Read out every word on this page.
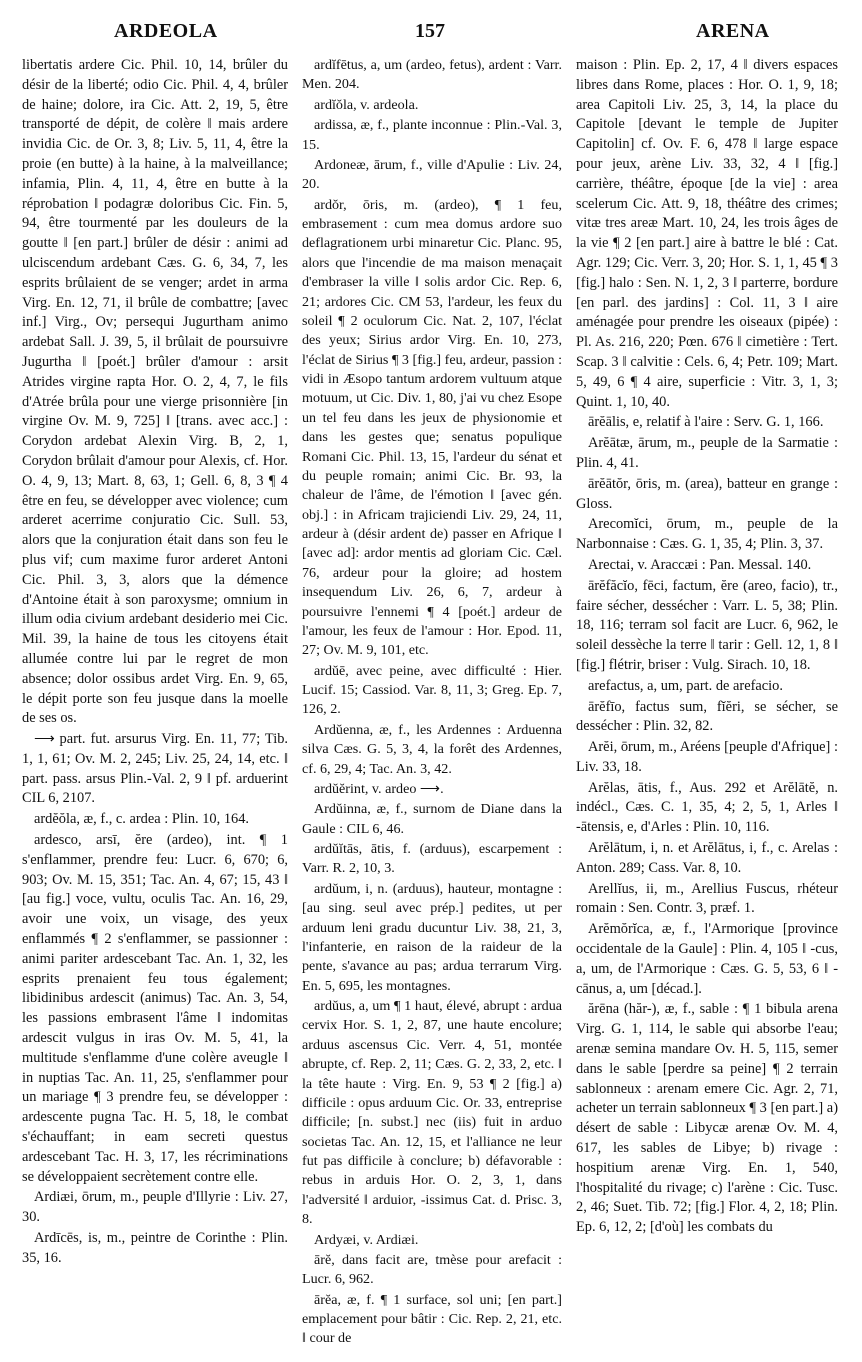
ARDEOLA	157	ARENA

libertatis ardere Cic. Phil. 10, 14, brûler du désir de la liberté; odio Cic. Phil. 4, 4, brûler de haine; dolore, ira Cic. Att. 2, 19, 5, être transporté de dépit, de colère ‖ mais ardere invidia Cic. de Or. 3, 8; Liv. 5, 11, 4, être la proie (en butte) à la haine, à la malveillance; infamia, Plin. 4, 11, 4, être en butte à la réprobation ‖ podagræ doloribus Cic. Fin. 5, 94, être tourmenté par les douleurs de la goutte ‖ [en part.] brûler de désir : animi ad ulciscendum ardebant Cæs. G. 6, 34, 7, les esprits brûlaient de se venger; ardet in arma Virg. En. 12, 71, il brûle de combattre; [avec inf.] Virg., Ov; persequi Jugurtham animo ardebat Sall. J. 39, 5, il brûlait de poursuivre Jugurtha ‖ [poét.] brûler d'amour : arsit Atrides virgine rapta Hor. O. 2, 4, 7, le fils d'Atrée brûla pour une vierge prisonnière [in virgine Ov. M. 9, 725] ‖ [trans. avec acc.] : Corydon ardebat Alexin Virg. B, 2, 1, Corydon brûlait d'amour pour Alexis, cf. Hor. O. 4, 9, 13; Mart. 8, 63, 1; Gell. 6, 8, 3 ¶ 4 être en feu, se développer avec violence; cum arderet acerrime conjuratio Cic. Sull. 53, alors que la conjuration était dans son feu le plus vif; cum maxime furor arderet Antoni Cic. Phil. 3, 3, alors que la démence d'Antoine était à son paroxysme; omnium in illum odia civium ardebant desiderio mei Cic. Mil. 39, la haine de tous les citoyens était allumée contre lui par le regret de mon absence; dolor ossibus ardet Virg. En. 9, 65, le dépit porte son feu jusque dans la moelle de ses os.

⟶ part. fut. arsurus Virg. En. 11, 77; Tib. 1, 1, 61; Ov. M. 2, 245; Liv. 25, 24, 14, etc. ‖ part. pass. arsus Plin.-Val. 2, 9 ‖ pf. arduerint CIL 6, 2107.

ardĕŏla, æ, f., c. ardea : Plin. 10, 164.

ardesco, arsī, ĕre (ardeo), int. ¶ 1 s'enflammer, prendre feu: Lucr. 6, 670; 6, 903; Ov. M. 15, 351; Tac. An. 4, 67; 15, 43 ‖ [au fig.] voce, vultu, oculis Tac. An. 16, 29, avoir une voix, un visage, des yeux enflammés ¶ 2 s'enflammer, se passionner : animi pariter ardescebant Tac. An. 1, 32, les esprits prenaient feu tous également; libidinibus ardescit (animus) Tac. An. 3, 54, les passions embrasent l'âme ‖ indomitas ardescit vulgus in iras Ov. M. 5, 41, la multitude s'enflamme d'une colère aveugle ‖ in nuptias Tac. An. 11, 25, s'enflammer pour un mariage ¶ 3 prendre feu, se développer : ardescente pugna Tac. H. 5, 18, le combat s'échauffant; in eam secreti questus ardescebant Tac. H. 3, 17, les récriminations se développaient secrètement contre elle.

Ardiæi, ōrum, m., peuple d'Illyrie : Liv. 27, 30.

Ardīcēs, is, m., peintre de Corinthe : Plin. 35, 16.

ardĭfētus, a, um (ardeo, fetus), ardent : Varr. Men. 204.

ardĭŏla, v. ardeola.

ardissa, æ, f., plante inconnue : Plin.-Val. 3, 15.

Ardoneæ, ārum, f., ville d'Apulie : Liv. 24, 20.

ardŏr, ōris, m. (ardeo), ¶ 1 feu, embrasement : cum mea domus ardore suo deflagrationem urbi minaretur Cic. Planc. 95, alors que l'incendie de ma maison menaçait d'embraser la ville ‖ solis ardor Cic. Rep. 6, 21; ardores Cic. CM 53, l'ardeur, les feux du soleil ¶ 2 oculorum Cic. Nat. 2, 107, l'éclat des yeux; Sirius ardor Virg. En. 10, 273, l'éclat de Sirius ¶ 3 [fig.] feu, ardeur, passion : vidi in Æsopo tantum ardorem vultuum atque motuum, ut Cic. Div. 1, 80, j'ai vu chez Esope un tel feu dans les jeux de physionomie et dans les gestes que; senatus populique Romani Cic. Phil. 13, 15, l'ardeur du sénat et du peuple romain; animi Cic. Br. 93, la chaleur de l'âme, de l'émotion ‖ [avec gén. obj.] : in Africam trajiciendi Liv. 29, 24, 11, ardeur à (désir ardent de) passer en Afrique ‖ [avec ad]: ardor mentis ad gloriam Cic. Cæl. 76, ardeur pour la gloire; ad hostem insequendum Liv. 26, 6, 7, ardeur à poursuivre l'ennemi ¶ 4 [poét.] ardeur de l'amour, les feux de l'amour : Hor. Epod. 11, 27; Ov. M. 9, 101, etc.

ardŭē, avec peine, avec difficulté : Hier. Lucif. 15; Cassiod. Var. 8, 11, 3; Greg. Ep. 7, 126, 2.

Ardŭenna, æ, f., les Ardennes : Arduenna silva Cæs. G. 5, 3, 4, la forêt des Ardennes, cf. 6, 29, 4; Tac. An. 3, 42.

ardŭĕrint, v. ardeo ⟶.

Ardŭinna, æ, f., surnom de Diane dans la Gaule : CIL 6, 46.

ardŭĭtās, ātis, f. (arduus), escarpement : Varr. R. 2, 10, 3.

ardŭum, i, n. (arduus), hauteur, montagne : [au sing. seul avec prép.] pedites, ut per arduum leni gradu ducuntur Liv. 38, 21, 3, l'infanterie, en raison de la raideur de la pente, s'avance au pas; ardua terrarum Virg. En. 5, 695, les montagnes.

ardŭus, a, um ¶ 1 haut, élevé, abrupt : ardua cervix Hor. S. 1, 2, 87, une haute encolure; arduus ascensus Cic. Verr. 4, 51, montée abrupte, cf. Rep. 2, 11; Cæs. G. 2, 33, 2, etc. ‖ la tête haute : Virg. En. 9, 53 ¶ 2 [fig.] a) difficile : opus arduum Cic. Or. 33, entreprise difficile; [n. subst.] nec (iis) fuit in arduo societas Tac. An. 12, 15, et l'alliance ne leur fut pas difficile à conclure; b) défavorable : rebus in arduis Hor. O. 2, 3, 1, dans l'adversité ‖ arduior, -issimus Cat. d. Prisc. 3, 8.

Ardyæi, v. Ardiæi.

ārĕ, dans facit are, tmèse pour arefacit : Lucr. 6, 962.

ārĕa, æ, f. ¶ 1 surface, sol uni; [en part.] emplacement pour bâtir : Cic. Rep. 2, 21, etc. ‖ cour de

maison : Plin. Ep. 2, 17, 4 ‖ divers espaces libres dans Rome, places : Hor. O. 1, 9, 18; area Capitoli Liv. 25, 3, 14, la place du Capitole [devant le temple de Jupiter Capitolin] cf. Ov. F. 6, 478 ‖ large espace pour jeux, arène Liv. 33, 32, 4 ‖ [fig.] carrière, théâtre, époque [de la vie] : area scelerum Cic. Att. 9, 18, théâtre des crimes; vitæ tres areæ Mart. 10, 24, les trois âges de la vie ¶ 2 [en part.] aire à battre le blé : Cat. Agr. 129; Cic. Verr. 3, 20; Hor. S. 1, 1, 45 ¶ 3 [fig.] halo : Sen. N. 1, 2, 3 ‖ parterre, bordure [en parl. des jardins] : Col. 11, 3 ‖ aire aménagée pour prendre les oiseaux (pipée) : Pl. As. 216, 220; Pœn. 676 ‖ cimetière : Tert. Scap. 3 ‖ calvitie : Cels. 6, 4; Petr. 109; Mart. 5, 49, 6 ¶ 4 aire, superficie : Vitr. 3, 1, 3; Quint. 1, 10, 40.

ārĕālis, e, relatif à l'aire : Serv. G. 1, 166.

Arĕātæ, ārum, m., peuple de la Sarmatie : Plin. 4, 41.

ārĕātŏr, ōris, m. (area), batteur en grange : Gloss.

Arecomĭci, ōrum, m., peuple de la Narbonnaise : Cæs. G. 1, 35, 4; Plin. 3, 37.

Arectai, v. Araccæi : Pan. Messal. 140.

ārĕfăcĭo, fēci, factum, ĕre (areo, facio), tr., faire sécher, dessécher : Varr. L. 5, 38; Plin. 18, 116; terram sol facit are Lucr. 6, 962, le soleil dessèche la terre ‖ tarir : Gell. 12, 1, 8 ‖ [fig.] flétrir, briser : Vulg. Sirach. 10, 18.

arefactus, a, um, part. de arefacio.

ārĕfīo, factus sum, fĭĕri, se sécher, se dessécher : Plin. 32, 82.

Arĕi, ōrum, m., Aréens [peuple d'Afrique] : Liv. 33, 18.

Arĕlas, ātis, f., Aus. 292 et Arĕlātĕ, n. indécl., Cæs. C. 1, 35, 4; 2, 5, 1, Arles ‖ -ātensis, e, d'Arles : Plin. 10, 116.

Arĕlātum, i, n. et Arĕlātus, i, f., c. Arelas : Anton. 289; Cass. Var. 8, 10.

Arellĭus, ii, m., Arellius Fuscus, rhéteur romain : Sen. Contr. 3, præf. 1.

Arĕmŏrĭca, æ, f., l'Armorique [province occidentale de la Gaule] : Plin. 4, 105 ‖ -cus, a, um, de l'Armorique : Cæs. G. 5, 53, 6 ‖ -cānus, a, um [décad.].

ărēna (hăr-), æ, f., sable : ¶ 1 bibula arena Virg. G. 1, 114, le sable qui absorbe l'eau; arenæ semina mandare Ov. H. 5, 115, semer dans le sable [perdre sa peine] ¶ 2 terrain sablonneux : arenam emere Cic. Agr. 2, 71, acheter un terrain sablonneux ¶ 3 [en part.] a) désert de sable : Libycæ arenæ Ov. M. 4, 617, les sables de Libye; b) rivage : hospitium arenæ Virg. En. 1, 540, l'hospitalité du rivage; c) l'arène : Cic. Tusc. 2, 46; Suet. Tib. 72; [fig.] Flor. 4, 2, 18; Plin. Ep. 6, 12, 2; [d'où] les combats du
